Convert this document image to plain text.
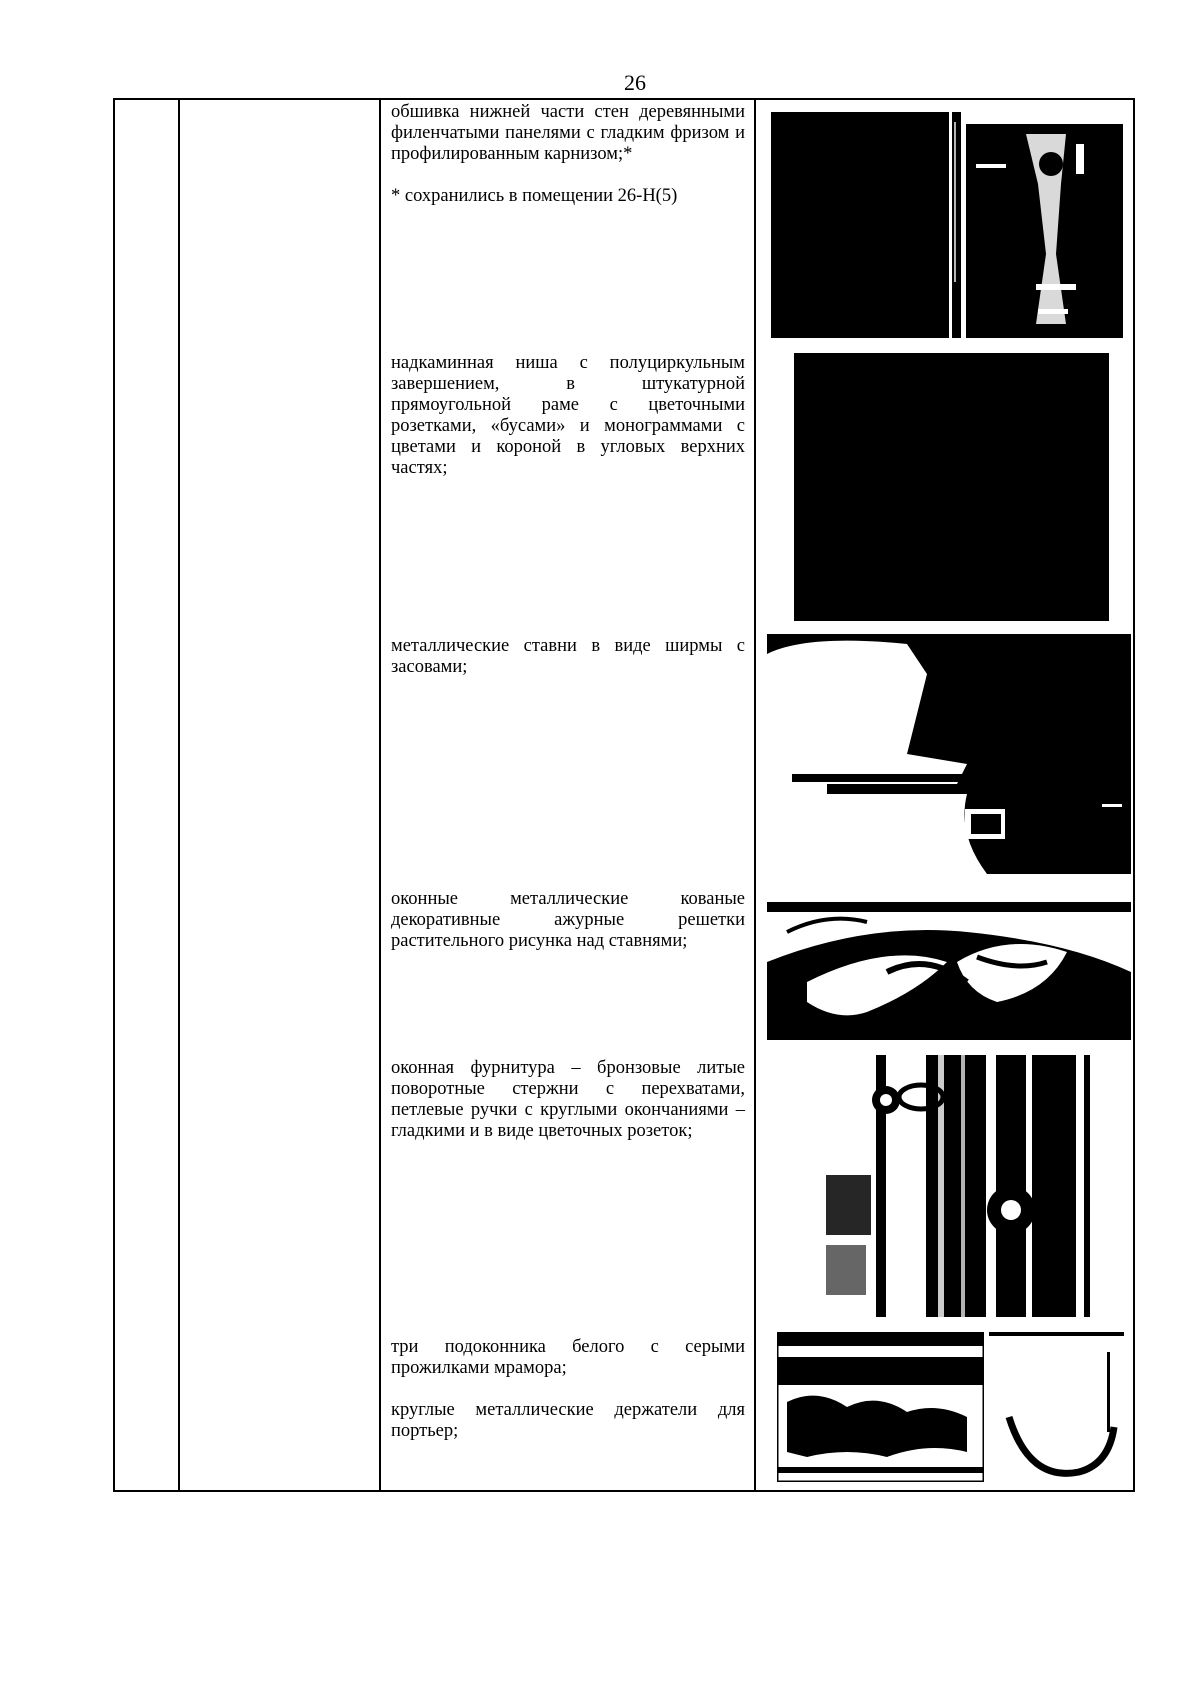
26

обшивка нижней части стен деревянными филенчатыми панелями с гладким фризом и профилированным карнизом;*

* сохранились в помещении 26-Н(5)

надкаминная ниша с полуциркульным завершением, в штукатурной прямоугольной раме с цветочными розетками, «бусами» и монограммами с цветами и короной в угловых верхних частях;

металлические ставни в виде ширмы с засовами;

оконные металлические кованые декоративные ажурные решетки растительного рисунка над ставнями;

оконная фурнитура – бронзовые литые поворотные стержни с перехватами, петлевые ручки с круглыми окончаниями – гладкими и в виде цветочных розеток;

три подоконника белого с серыми прожилками мрамора;

круглые металлические держатели для портьер;
